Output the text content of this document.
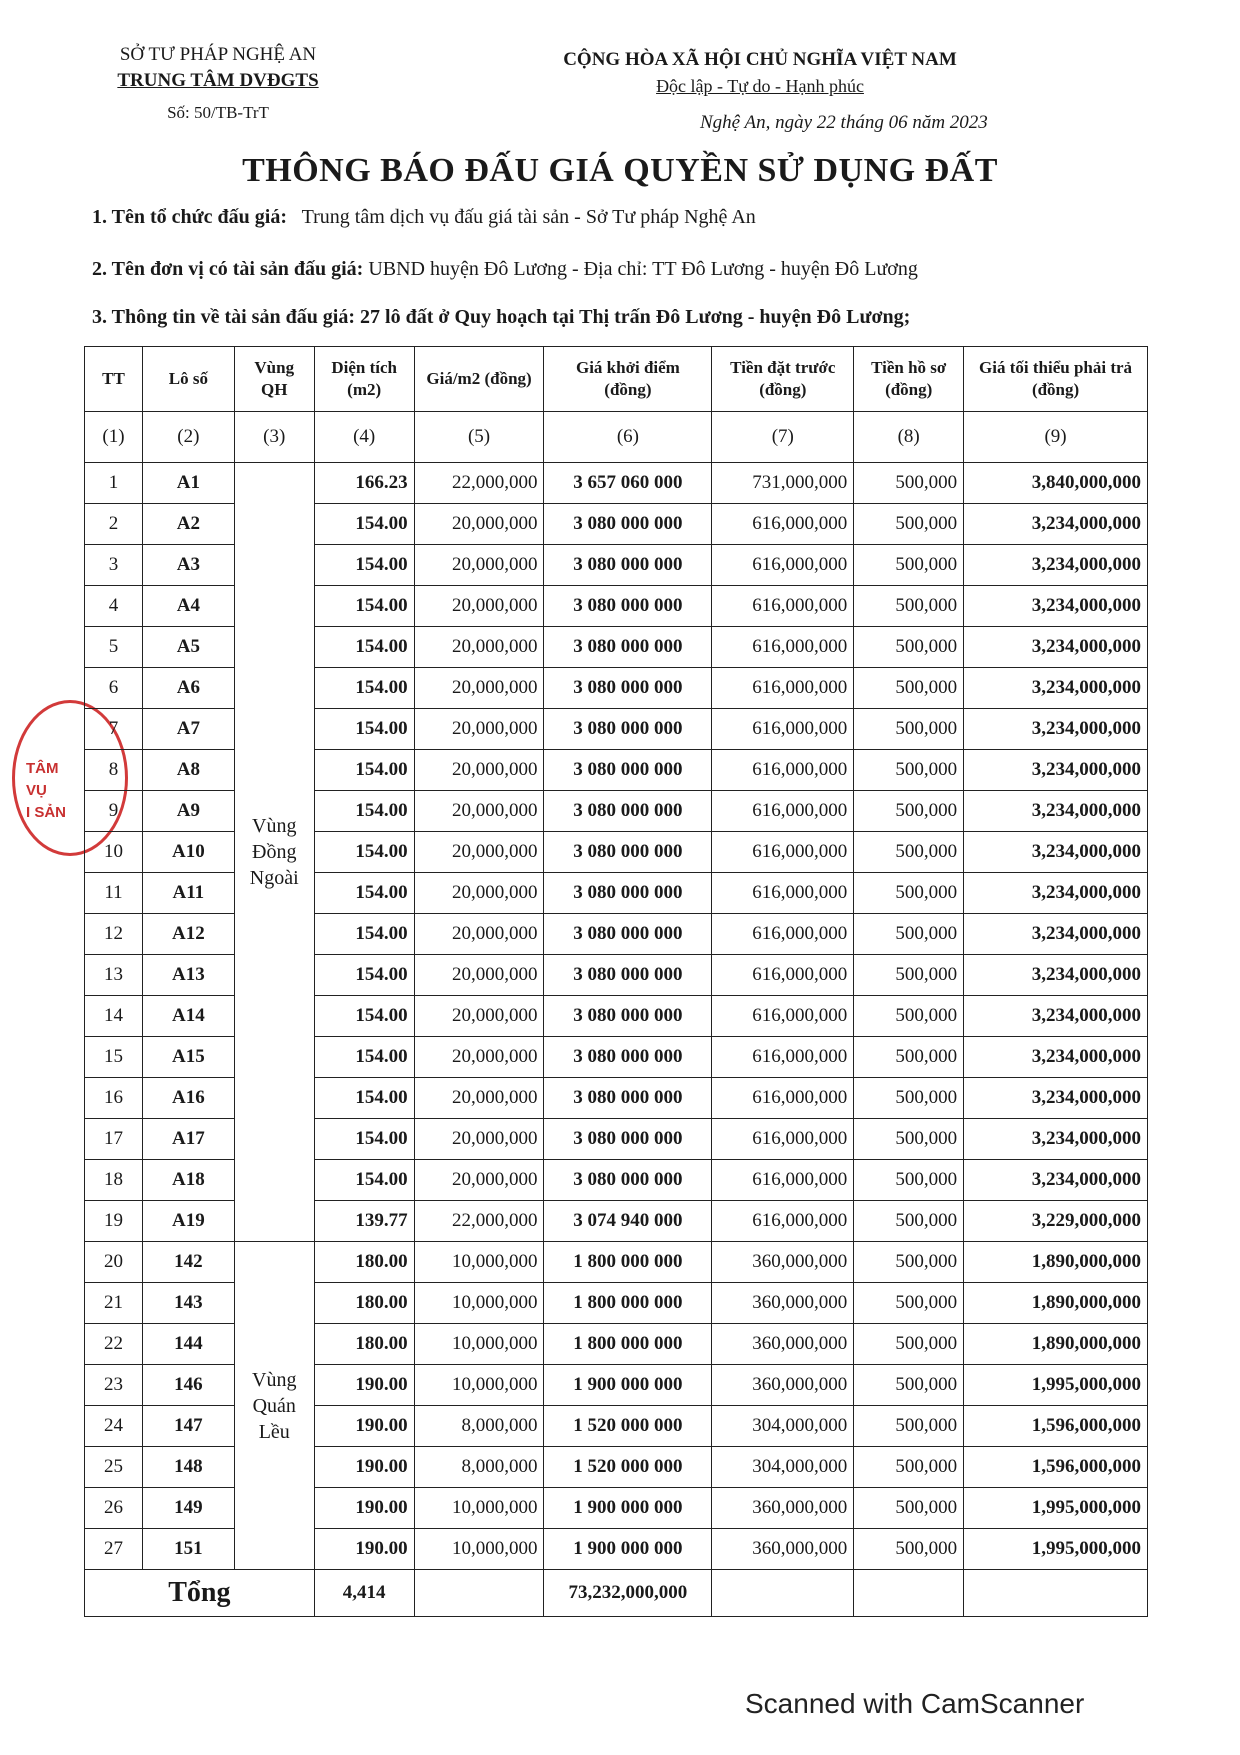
SỞ TƯ PHÁP NGHỆ AN
TRUNG TÂM DVĐGTS
Số: 50/TB-TrT
CỘNG HÒA XÃ HỘI CHỦ NGHĨA VIỆT NAM
Độc lập - Tự do - Hạnh phúc
Nghệ An, ngày 22 tháng 06 năm 2023
THÔNG BÁO ĐẤU GIÁ QUYỀN SỬ DỤNG ĐẤT
1. Tên tổ chức đấu giá: Trung tâm dịch vụ đấu giá tài sản - Sở Tư pháp Nghệ An
2. Tên đơn vị có tài sản đấu giá: UBND huyện Đô Lương - Địa chỉ: TT Đô Lương - huyện Đô Lương
3. Thông tin về tài sản đấu giá: 27 lô đất ở Quy hoạch tại Thị trấn Đô Lương - huyện Đô Lương;
TÂM
VỤ
I SẢN
TT	Lô số	Vùng QH	Diện tích (m2)	Giá/m2 (đồng)	Giá khởi điểm (đồng)	Tiền đặt trước (đồng)	Tiền hồ sơ (đồng)	Giá tối thiểu phải trả (đồng)
(1)	(2)	(3)	(4)	(5)	(6)	(7)	(8)	(9)
1	A1	Vùng Đồng Ngoài	166.23	22,000,000	3 657 060 000	731,000,000	500,000	3,840,000,000
2	A2		154.00	20,000,000	3 080 000 000	616,000,000	500,000	3,234,000,000
3	A3		154.00	20,000,000	3 080 000 000	616,000,000	500,000	3,234,000,000
4	A4		154.00	20,000,000	3 080 000 000	616,000,000	500,000	3,234,000,000
5	A5		154.00	20,000,000	3 080 000 000	616,000,000	500,000	3,234,000,000
6	A6		154.00	20,000,000	3 080 000 000	616,000,000	500,000	3,234,000,000
7	A7		154.00	20,000,000	3 080 000 000	616,000,000	500,000	3,234,000,000
8	A8		154.00	20,000,000	3 080 000 000	616,000,000	500,000	3,234,000,000
9	A9		154.00	20,000,000	3 080 000 000	616,000,000	500,000	3,234,000,000
10	A10		154.00	20,000,000	3 080 000 000	616,000,000	500,000	3,234,000,000
11	A11		154.00	20,000,000	3 080 000 000	616,000,000	500,000	3,234,000,000
12	A12		154.00	20,000,000	3 080 000 000	616,000,000	500,000	3,234,000,000
13	A13		154.00	20,000,000	3 080 000 000	616,000,000	500,000	3,234,000,000
14	A14		154.00	20,000,000	3 080 000 000	616,000,000	500,000	3,234,000,000
15	A15		154.00	20,000,000	3 080 000 000	616,000,000	500,000	3,234,000,000
16	A16		154.00	20,000,000	3 080 000 000	616,000,000	500,000	3,234,000,000
17	A17		154.00	20,000,000	3 080 000 000	616,000,000	500,000	3,234,000,000
18	A18		154.00	20,000,000	3 080 000 000	616,000,000	500,000	3,234,000,000
19	A19		139.77	22,000,000	3 074 940 000	616,000,000	500,000	3,229,000,000
20	142	Vùng Quán Lều	180.00	10,000,000	1 800 000 000	360,000,000	500,000	1,890,000,000
21	143		180.00	10,000,000	1 800 000 000	360,000,000	500,000	1,890,000,000
22	144		180.00	10,000,000	1 800 000 000	360,000,000	500,000	1,890,000,000
23	146		190.00	10,000,000	1 900 000 000	360,000,000	500,000	1,995,000,000
24	147		190.00	8,000,000	1 520 000 000	304,000,000	500,000	1,596,000,000
25	148		190.00	8,000,000	1 520 000 000	304,000,000	500,000	1,596,000,000
26	149		190.00	10,000,000	1 900 000 000	360,000,000	500,000	1,995,000,000
27	151		190.00	10,000,000	1 900 000 000	360,000,000	500,000	1,995,000,000
Tổng			4,414		73,232,000,000			
Scanned with CamScanner
